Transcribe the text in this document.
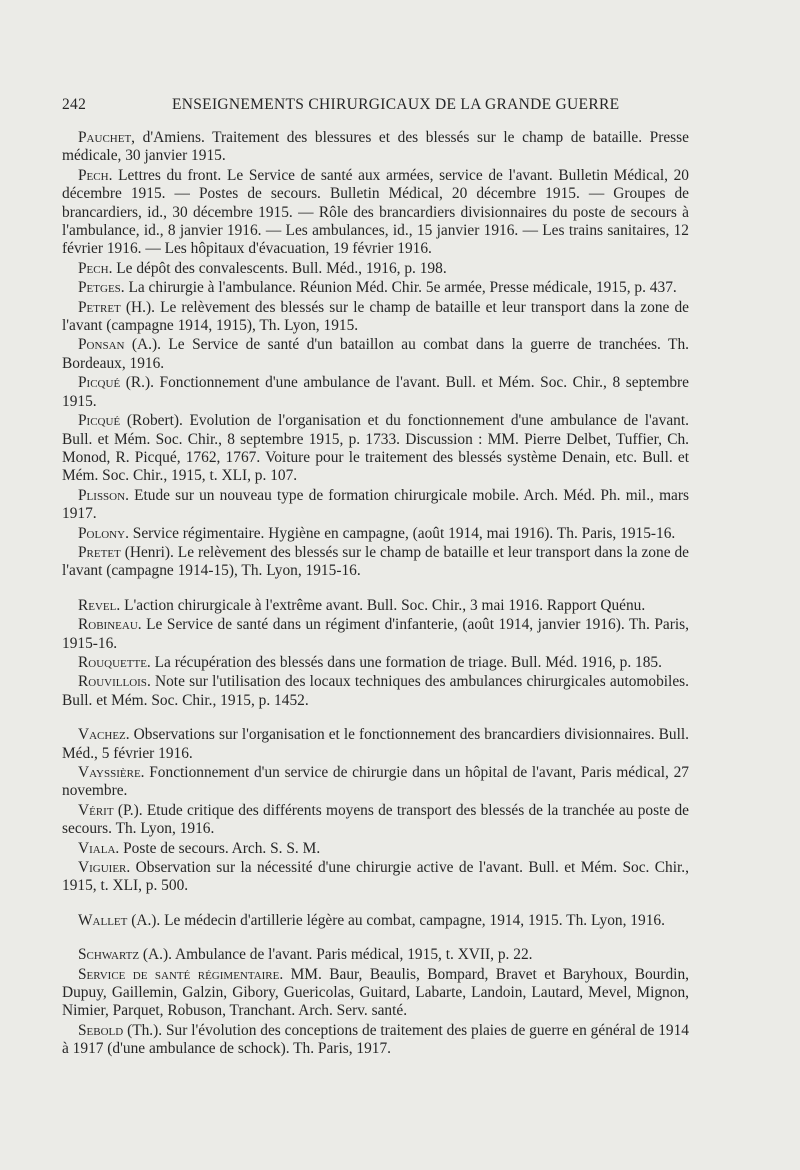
242	ENSEIGNEMENTS CHIRURGICAUX DE LA GRANDE GUERRE

Pauchet, d'Amiens. Traitement des blessures et des blessés sur le champ de bataille. Presse médicale, 30 janvier 1915.

Pech. Lettres du front. Le Service de santé aux armées, service de l'avant. Bulletin Médical, 20 décembre 1915. — Postes de secours. Bulletin Médical, 20 décembre 1915. — Groupes de brancardiers, id., 30 décembre 1915. — Rôle des brancardiers divisionnaires du poste de secours à l'ambulance, id., 8 janvier 1916. — Les ambulances, id., 15 janvier 1916. — Les trains sanitaires, 12 février 1916. — Les hôpitaux d'évacuation, 19 février 1916.

Pech. Le dépôt des convalescents. Bull. Méd., 1916, p. 198.

Petges. La chirurgie à l'ambulance. Réunion Méd. Chir. 5e armée, Presse médicale, 1915, p. 437.

Petret (H.). Le relèvement des blessés sur le champ de bataille et leur transport dans la zone de l'avant (campagne 1914, 1915), Th. Lyon, 1915.

Ponsan (A.). Le Service de santé d'un bataillon au combat dans la guerre de tranchées. Th. Bordeaux, 1916.

Picqué (R.). Fonctionnement d'une ambulance de l'avant. Bull. et Mém. Soc. Chir., 8 septembre 1915.

Picqué (Robert). Evolution de l'organisation et du fonctionnement d'une ambulance de l'avant. Bull. et Mém. Soc. Chir., 8 septembre 1915, p. 1733. Discussion : MM. Pierre Delbet, Tuffier, Ch. Monod, R. Picqué, 1762, 1767. Voiture pour le traitement des blessés système Denain, etc. Bull. et Mém. Soc. Chir., 1915, t. XLI, p. 107.

Plisson. Etude sur un nouveau type de formation chirurgicale mobile. Arch. Méd. Ph. mil., mars 1917.

Polony. Service régimentaire. Hygiène en campagne, (août 1914, mai 1916). Th. Paris, 1915-16.

Pretet (Henri). Le relèvement des blessés sur le champ de bataille et leur transport dans la zone de l'avant (campagne 1914-15), Th. Lyon, 1915-16.

Revel. L'action chirurgicale à l'extrême avant. Bull. Soc. Chir., 3 mai 1916. Rapport Quénu.

Robineau. Le Service de santé dans un régiment d'infanterie, (août 1914, janvier 1916). Th. Paris, 1915-16.

Rouquette. La récupération des blessés dans une formation de triage. Bull. Méd. 1916, p. 185.

Rouvillois. Note sur l'utilisation des locaux techniques des ambulances chirurgicales automobiles. Bull. et Mém. Soc. Chir., 1915, p. 1452.

Vachez. Observations sur l'organisation et le fonctionnement des brancardiers divisionnaires. Bull. Méd., 5 février 1916.

Vayssière. Fonctionnement d'un service de chirurgie dans un hôpital de l'avant, Paris médical, 27 novembre.

Vérit (P.). Etude critique des différents moyens de transport des blessés de la tranchée au poste de secours. Th. Lyon, 1916.

Viala. Poste de secours. Arch. S. S. M.

Viguier. Observation sur la nécessité d'une chirurgie active de l'avant. Bull. et Mém. Soc. Chir., 1915, t. XLI, p. 500.

Wallet (A.). Le médecin d'artillerie légère au combat, campagne, 1914, 1915. Th. Lyon, 1916.

Schwartz (A.). Ambulance de l'avant. Paris médical, 1915, t. XVII, p. 22.

Service de santé régimentaire. MM. Baur, Beaulis, Bompard, Bravet et Baryhoux, Bourdin, Dupuy, Gaillemin, Galzin, Gibory, Guericolas, Guitard, Labarte, Landoin, Lautard, Mevel, Mignon, Nimier, Parquet, Robuson, Tranchant. Arch. Serv. santé.

Sebold (Th.). Sur l'évolution des conceptions de traitement des plaies de guerre en général de 1914 à 1917 (d'une ambulance de schock). Th. Paris, 1917.
